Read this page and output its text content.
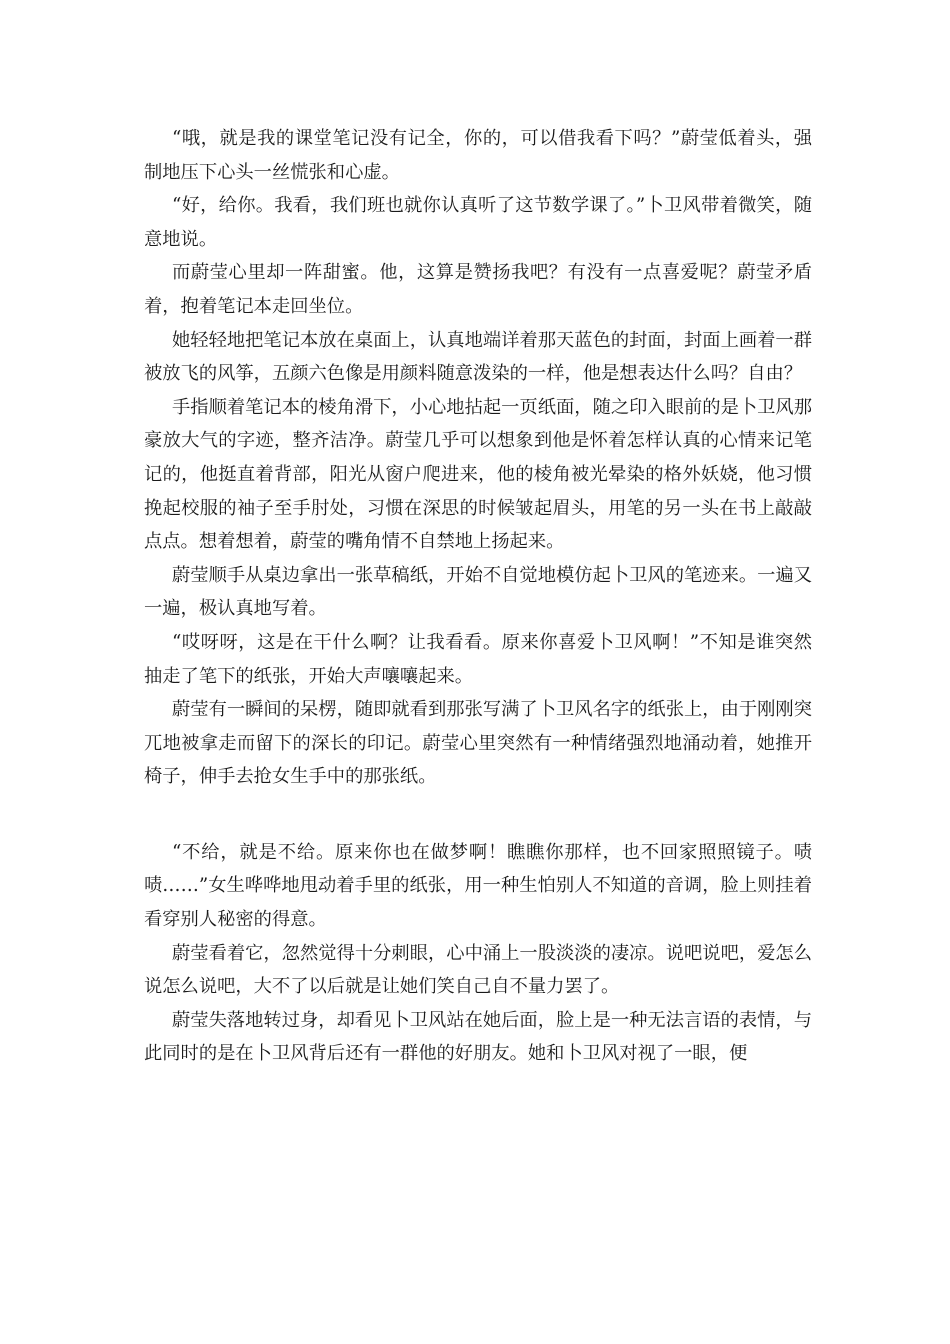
“哦，就是我的课堂笔记没有记全，你的，可以借我看下吗？”蔚莹低着头，强制地压下心头一丝慌张和心虚。

“好，给你。我看，我们班也就你认真听了这节数学课了。”卜卫风带着微笑，随意地说。

而蔚莹心里却一阵甜蜜。他，这算是赞扬我吧？有没有一点喜爱呢？蔚莹矛盾着，抱着笔记本走回坐位。

她轻轻地把笔记本放在桌面上，认真地端详着那天蓝色的封面，封面上画着一群被放飞的风筝，五颜六色像是用颜料随意泼染的一样，他是想表达什么吗？自由？

手指顺着笔记本的棱角滑下，小心地拈起一页纸面，随之印入眼前的是卜卫风那豪放大气的字迹，整齐洁净。蔚莹几乎可以想象到他是怀着怎样认真的心情来记笔记的，他挺直着背部，阳光从窗户爬进来，他的棱角被光晕染的格外妖娆，他习惯挽起校服的袖子至手肘处，习惯在深思的时候皱起眉头，用笔的另一头在书上敲敲点点。想着想着，蔚莹的嘴角情不自禁地上扬起来。

蔚莹顺手从桌边拿出一张草稿纸，开始不自觉地模仿起卜卫风的笔迹来。一遍又一遍，极认真地写着。

“哎呀呀，这是在干什么啊？让我看看。原来你喜爱卜卫风啊！”不知是谁突然抽走了笔下的纸张，开始大声嚷嚷起来。

蔚莹有一瞬间的呆楞，随即就看到那张写满了卜卫风名字的纸张上，由于刚刚突兀地被拿走而留下的深长的印记。蔚莹心里突然有一种情绪强烈地涌动着，她推开椅子，伸手去抢女生手中的那张纸。

“不给，就是不给。原来你也在做梦啊！瞧瞧你那样，也不回家照照镜子。啧啧……”女生哗哗地甩动着手里的纸张，用一种生怕别人不知道的音调，脸上则挂着看穿别人秘密的得意。

蔚莹看着它，忽然觉得十分刺眼，心中涌上一股淡淡的凄凉。说吧说吧，爱怎么说怎么说吧，大不了以后就是让她们笑自己自不量力罢了。

蔚莹失落地转过身，却看见卜卫风站在她后面，脸上是一种无法言语的表情，与此同时的是在卜卫风背后还有一群他的好朋友。她和卜卫风对视了一眼，便
